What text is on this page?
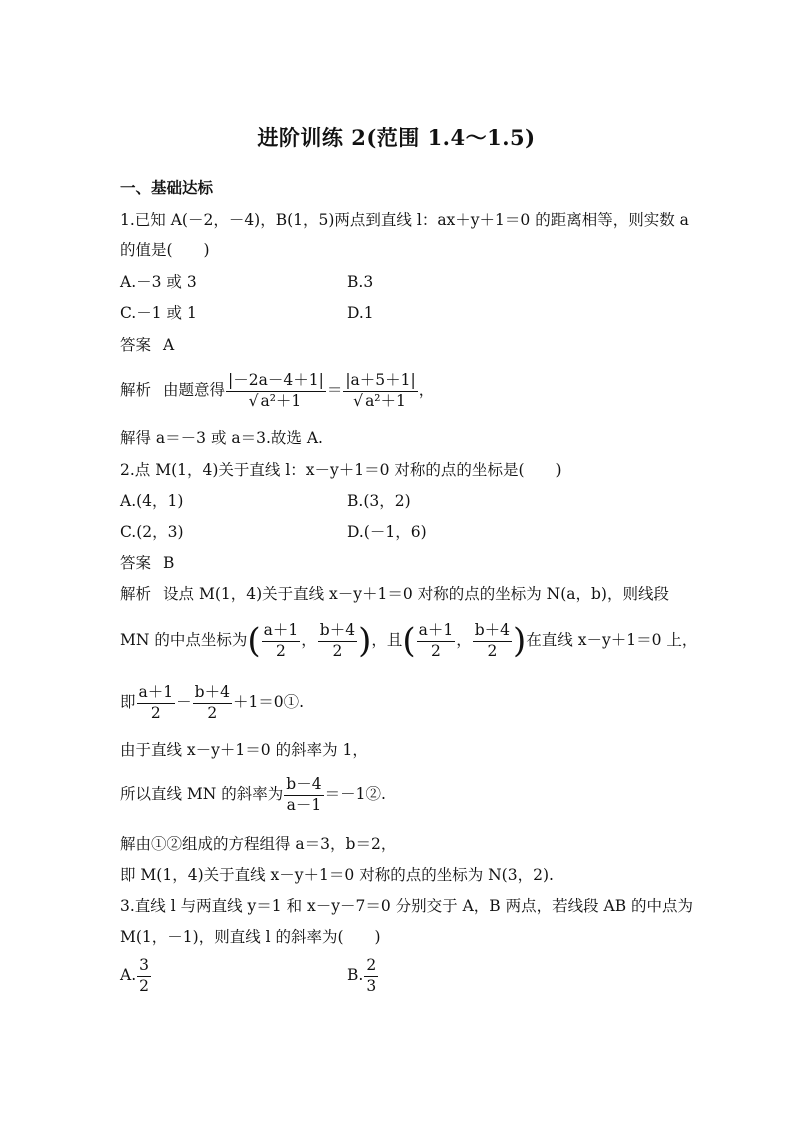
进阶训练 2(范围 1.4～1.5)
一、基础达标
1.已知 A(－2，－4)，B(1，5)两点到直线 l：ax＋y＋1＝0 的距离相等，则实数 a
的值是(　　)
A.－3 或 3	B.3
C.－1 或 1	D.1
答案 A
解析 由题意得 $\frac{|-2a-4+1|}{\text{√ a²＋1}} = \frac{|a+5+1|}{\text{√ a²＋1}}$ ，
解得 a＝－3 或 a＝3.故选 A.
2.点 M(1，4)关于直线 l：x－y＋1＝0 对称的点的坐标是(　　)
A.(4，1)	B.(3，2)
C.(2，3)	D.(－1，6)
答案 B
解析 设点 M(1，4)关于直线 x－y＋1＝0 对称的点的坐标为 N(a，b)，则线段
MN 的中点坐标为( $\frac{a+1}{2}$ ， $\frac{b+4}{2}$ )，且( $\frac{a+1}{2}$ ， $\frac{b+4}{2}$ )在直线 x－y＋1＝0 上，
即 $\frac{a+1}{2} - \frac{b+4}{2}$ ＋1＝0①.
由于直线 x－y＋1＝0 的斜率为 1，
所以直线 MN 的斜率为 $\frac{b-4}{a-1}$ ＝－1②.
解由①②组成的方程组得 a＝3，b＝2，
即 M(1，4)关于直线 x－y＋1＝0 对称的点的坐标为 N(3，2).
3.直线 l 与两直线 y＝1 和 x－y－7＝0 分别交于 A，B 两点，若线段 AB 的中点为
M(1，－1)，则直线 l 的斜率为(　　)
A. $\frac{3}{2}$	B. $\frac{2}{3}$
